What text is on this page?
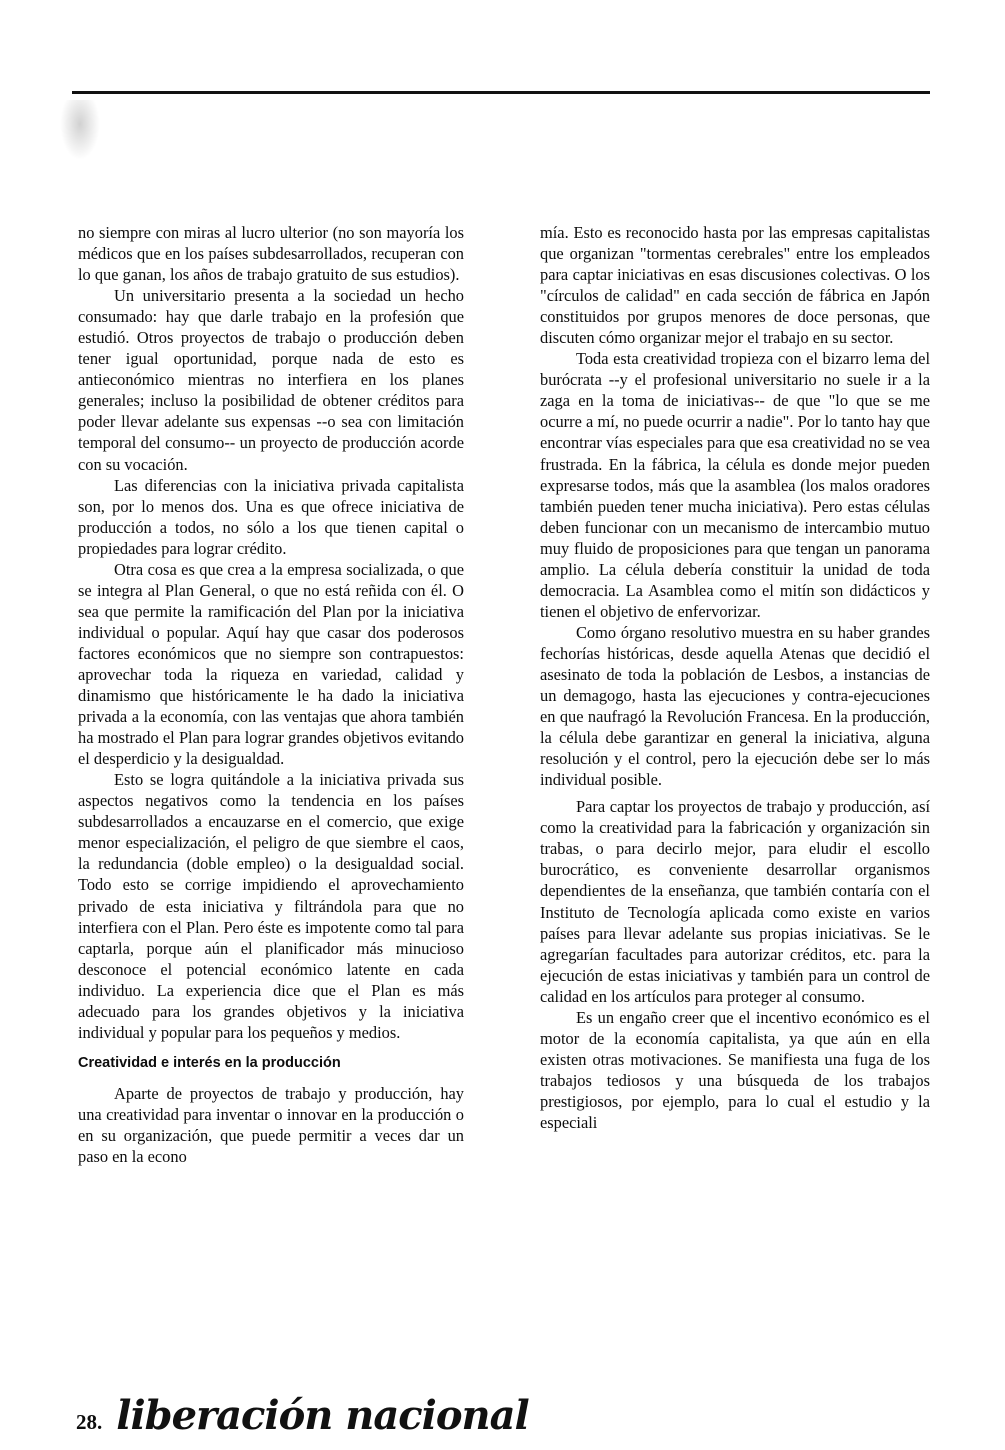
no siempre con miras al lucro ulterior (no son mayoría los médicos que en los países subdesarrollados, recuperan con lo que ganan, los años de trabajo gratuito de sus estudios).

Un universitario presenta a la sociedad un hecho consumado: hay que darle trabajo en la profesión que estudió. Otros proyectos de trabajo o producción deben tener igual oportunidad, porque nada de esto es antieconómico mientras no interfiera en los planes generales; incluso la posibilidad de obtener créditos para poder llevar adelante sus expensas --o sea con limitación temporal del consumo-- un proyecto de producción acorde con su vocación.

Las diferencias con la iniciativa privada capitalista son, por lo menos dos. Una es que ofrece iniciativa de producción a todos, no sólo a los que tienen capital o propiedades para lograr crédito.

Otra cosa es que crea a la empresa socializada, o que se integra al Plan General, o que no está reñida con él. O sea que permite la ramificación del Plan por la iniciativa individual o popular. Aquí hay que casar dos poderosos factores económicos que no siempre son contrapuestos: aprovechar toda la riqueza en variedad, calidad y dinamismo que históricamente le ha dado la iniciativa privada a la economía, con las ventajas que ahora también ha mostrado el Plan para lograr grandes objetivos evitando el desperdicio y la desigualdad.

Esto se logra quitándole a la iniciativa privada sus aspectos negativos como la tendencia en los países subdesarrollados a encauzarse en el comercio, que exige menor especialización, el peligro de que siembre el caos, la redundancia (doble empleo) o la desigualdad social. Todo esto se corrige impidiendo el aprovechamiento privado de esta iniciativa y filtrándola para que no interfiera con el Plan. Pero éste es impotente como tal para captarla, porque aún el planificador más minucioso desconoce el potencial económico latente en cada individuo. La experiencia dice que el Plan es más adecuado para los grandes objetivos y la iniciativa individual y popular para los pequeños y medios.

Creatividad e interés en la producción

Aparte de proyectos de trabajo y producción, hay una creatividad para inventar o innovar en la producción o en su organización, que puede permitir a veces dar un paso en la econo

mía. Esto es reconocido hasta por las empresas capitalistas que organizan "tormentas cerebrales" entre los empleados para captar iniciativas en esas discusiones colectivas. O los "círculos de calidad" en cada sección de fábrica en Japón constituidos por grupos menores de doce personas, que discuten cómo organizar mejor el trabajo en su sector.

Toda esta creatividad tropieza con el bizarro lema del burócrata --y el profesional universitario no suele ir a la zaga en la toma de iniciativas-- de que "lo que se me ocurre a mí, no puede ocurrir a nadie". Por lo tanto hay que encontrar vías especiales para que esa creatividad no se vea frustrada. En la fábrica, la célula es donde mejor pueden expresarse todos, más que la asamblea (los malos oradores también pueden tener mucha iniciativa). Pero estas células deben funcionar con un mecanismo de intercambio mutuo muy fluido de proposiciones para que tengan un panorama amplio. La célula debería constituir la unidad de toda democracia. La Asamblea como el mitín son didácticos y tienen el objetivo de enfervorizar.

Como órgano resolutivo muestra en su haber grandes fechorías históricas, desde aquella Atenas que decidió el asesinato de toda la población de Lesbos, a instancias de un demagogo, hasta las ejecuciones y contra-ejecuciones en que naufragó la Revolución Francesa. En la producción, la célula debe garantizar en general la iniciativa, alguna resolución y el control, pero la ejecución debe ser lo más individual posible.

Para captar los proyectos de trabajo y producción, así como la creatividad para la fabricación y organización sin trabas, o para decirlo mejor, para eludir el escollo burocrático, es conveniente desarrollar organismos dependientes de la enseñanza, que también contaría con el Instituto de Tecnología aplicada como existe en varios países para llevar adelante sus propias iniciativas. Se le agregarían facultades para autorizar créditos, etc. para la ejecución de estas iniciativas y también para un control de calidad en los artículos para proteger al consumo.

Es un engaño creer que el incentivo económico es el motor de la economía capitalista, ya que aún en ella existen otras motivaciones. Se manifiesta una fuga de los trabajos tediosos y una búsqueda de los trabajos prestigiosos, por ejemplo, para lo cual el estudio y la especiali

28. liberación nacional
